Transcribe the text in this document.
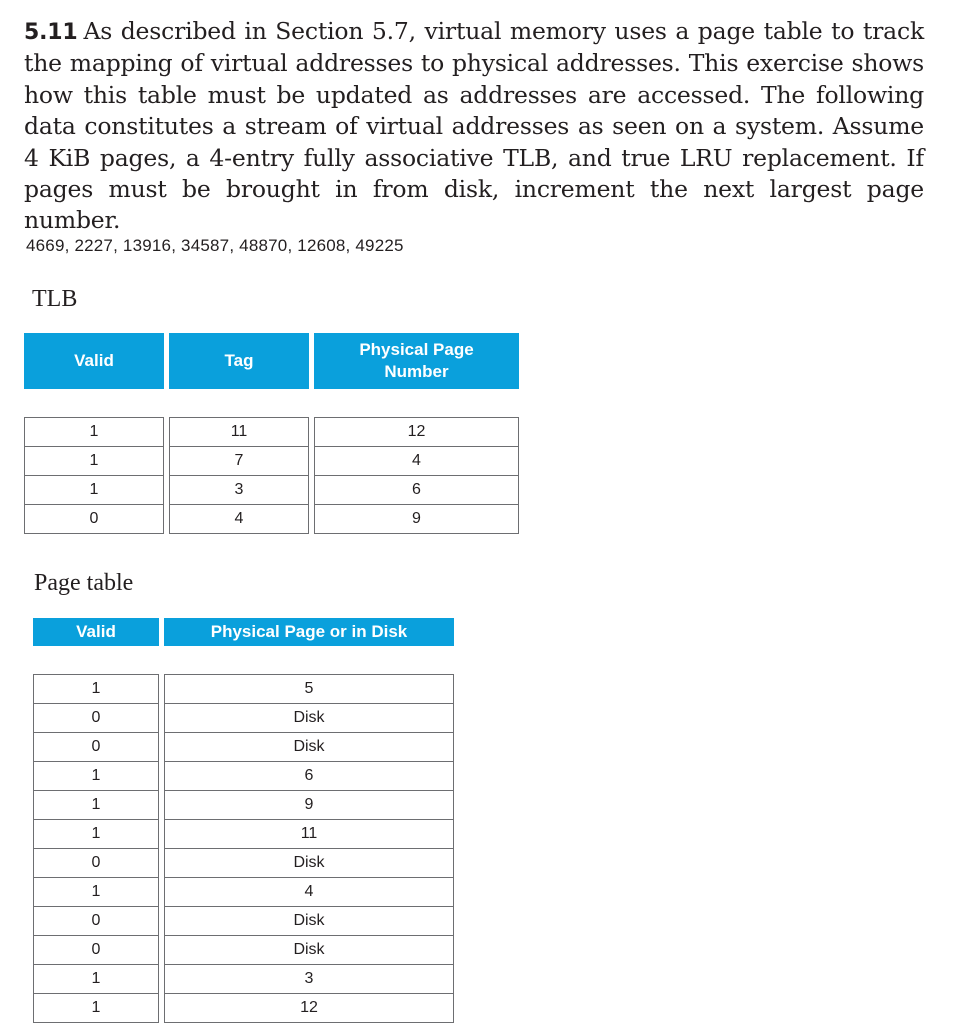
5.11 As described in Section 5.7, virtual memory uses a page table to track the mapping of virtual addresses to physical addresses. This exercise shows how this table must be updated as addresses are accessed. The following data constitutes a stream of virtual addresses as seen on a system. Assume 4 KiB pages, a 4-entry fully associative TLB, and true LRU replacement. If pages must be brought in from disk, increment the next largest page number.
4669, 2227, 13916, 34587, 48870, 12608, 49225
TLB
Valid	Tag	Physical Page Number

1	11	12
1	7	4
1	3	6
0	4	9
Page table
Valid	Physical Page or in Disk

1	5
0	Disk
0	Disk
1	6
1	9
1	11
0	Disk
1	4
0	Disk
0	Disk
1	3
1	12
